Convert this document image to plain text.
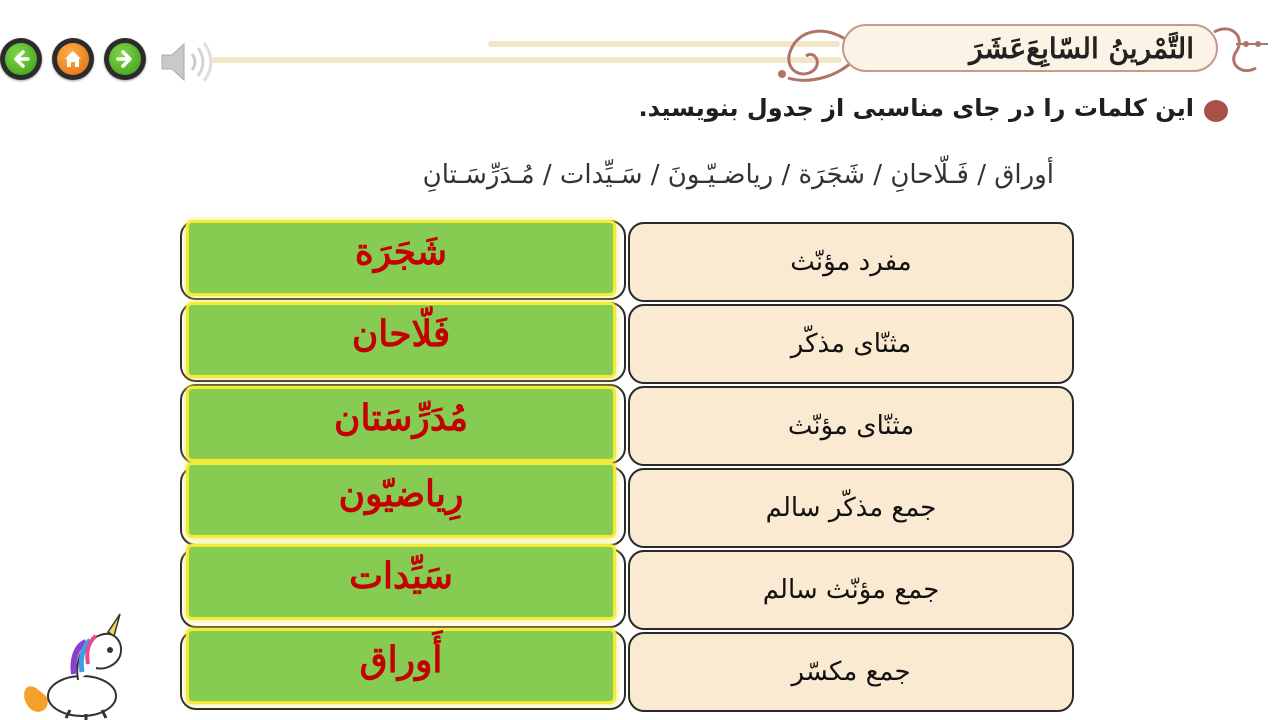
التَّمْرينُ السّابِعَ‌عَشَرَ
این کلمات را در جای مناسبی از جدول بنویسید.
أوراق / فَـلّاحانِ / شَجَرَة / ریاضـیّـونَ / سَـیِّدات / مُـدَرِّسَـتانِ
مفرد مؤنّث
شَجَرَة
مثنّای مذکّر
فَلّاحان
مثنّای مؤنّث
مُدَرِّسَتان
جمع مذکّر سالم
رِیاضیّون
جمع مؤنّث سالم
سَیِّدات
جمع مکسّر
أَوراق
